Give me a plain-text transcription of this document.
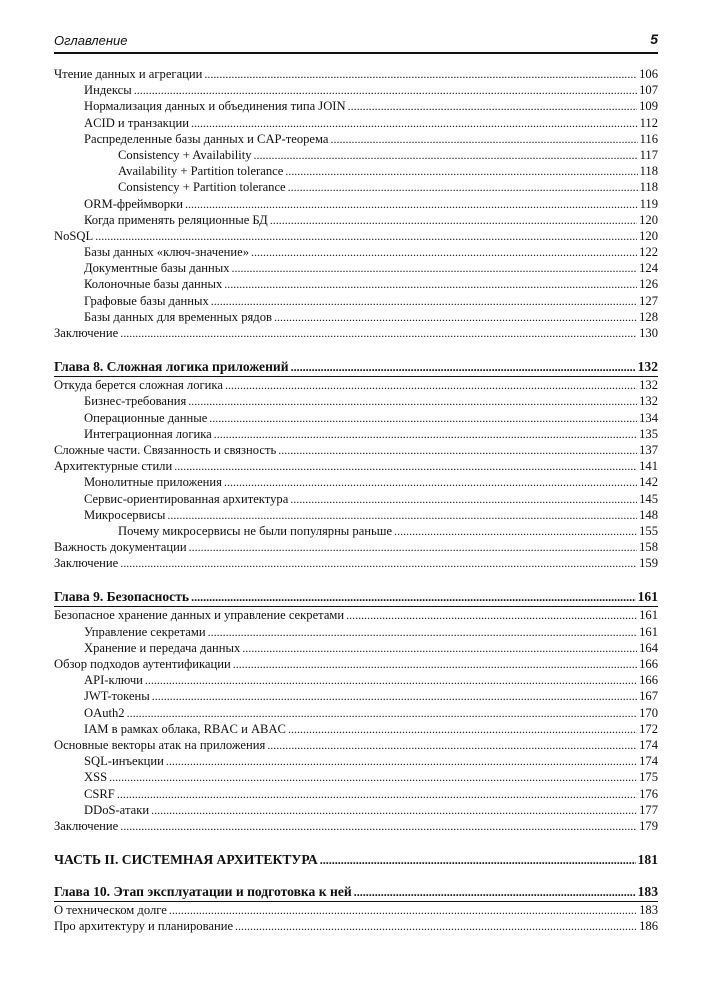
Оглавление	5
Чтение данных и агрегации .....	106
Индексы .....	107
Нормализация данных и объединения типа JOIN .....	109
ACID и транзакции .....	112
Распределенные базы данных и CAP-теорема .....	116
Consistency + Availability .....	117
Availability + Partition tolerance .....	118
Consistency + Partition tolerance .....	118
ORM-фреймворки .....	119
Когда применять реляционные БД .....	120
NoSQL .....	120
Базы данных «ключ-значение» .....	122
Документные базы данных .....	124
Колоночные базы данных .....	126
Графовые базы данных .....	127
Базы данных для временных рядов .....	128
Заключение .....	130
Глава 8. Сложная логика приложений .....	132
Откуда берется сложная логика .....	132
Бизнес-требования .....	132
Операционные данные .....	134
Интеграционная логика .....	135
Сложные части. Связанность и связность .....	137
Архитектурные стили .....	141
Монолитные приложения .....	142
Сервис-ориентированная архитектура .....	145
Микросервисы .....	148
Почему микросервисы не были популярны раньше .....	155
Важность документации .....	158
Заключение .....	159
Глава 9. Безопасность .....	161
Безопасное хранение данных и управление секретами .....	161
Управление секретами .....	161
Хранение и передача данных .....	164
Обзор подходов аутентификации .....	166
API-ключи .....	166
JWT-токены .....	167
OAuth2 .....	170
IAM в рамках облака, RBAC и ABAC .....	172
Основные векторы атак на приложения .....	174
SQL-инъекции .....	174
XSS .....	175
CSRF .....	176
DDoS-атаки .....	177
Заключение .....	179
ЧАСТЬ II. СИСТЕМНАЯ АРХИТЕКТУРА .....	181
Глава 10. Этап эксплуатации и подготовка к ней .....	183
О техническом долге .....	183
Про архитектуру и планирование .....	186
